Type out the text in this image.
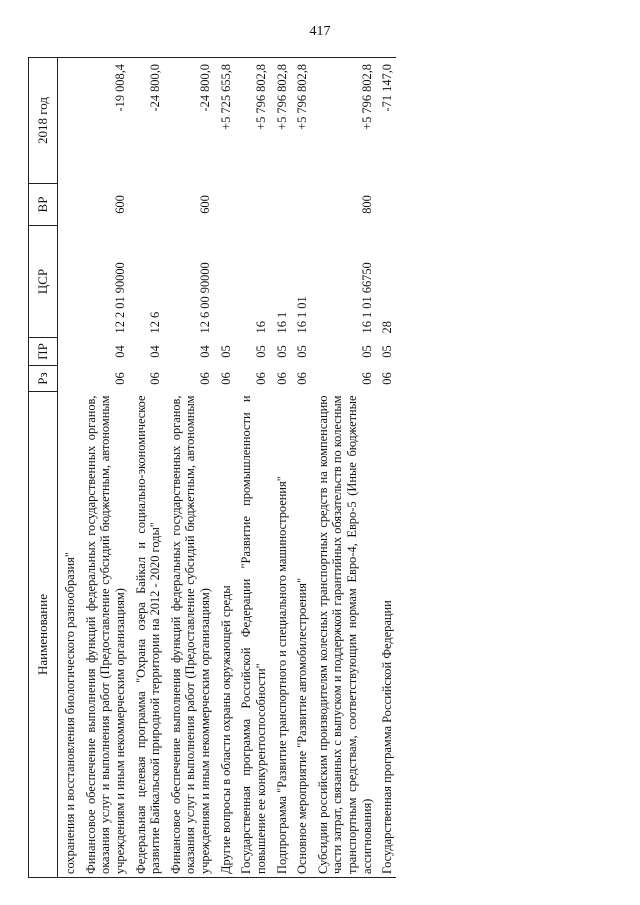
417
Наименование	Рз	ПР	ЦСР	ВР	2018 год
сохранения и восстановления биологического разнообразия"					
Финансовое обеспечение выполнения функций федеральных государственных органов, оказания услуг и выполнения работ (Предоставление субсидий бюджетным, автономным учреждениям и иным некоммерческим организациям)	06	04	12 2 01 90000	600	-19 008,4
Федеральная целевая программа "Охрана озера Байкал и социально-экономическое развитие Байкальской природной территории на 2012 - 2020 годы"	06	04	12 6		-24 800,0
Финансовое обеспечение выполнения функций федеральных государственных органов, оказания услуг и выполнения работ (Предоставление субсидий бюджетным, автономным учреждениям и иным некоммерческим организациям)	06	04	12 6 00 90000	600	-24 800,0
Другие вопросы в области охраны окружающей среды	06	05			+5 725 655,8
Государственная программа Российской Федерации "Развитие промышленности и повышение ее конкурентоспособности"	06	05	16		+5 796 802,8
Подпрограмма "Развитие транспортного и специального машиностроения"	06	05	16 1		+5 796 802,8
Основное мероприятие "Развитие автомобилестроения"	06	05	16 1 01		+5 796 802,8
Субсидии российским производителям колесных транспортных средств на компенсацию части затрат, связанных с выпуском и поддержкой гарантийных обязательств по колесным транспортным средствам, соответствующим нормам Евро-4, Евро-5 (Иные бюджетные ассигнования)	06	05	16 1 01 66750	800	+5 796 802,8
Государственная программа Российской Федерации	06	05	28		-71 147,0
